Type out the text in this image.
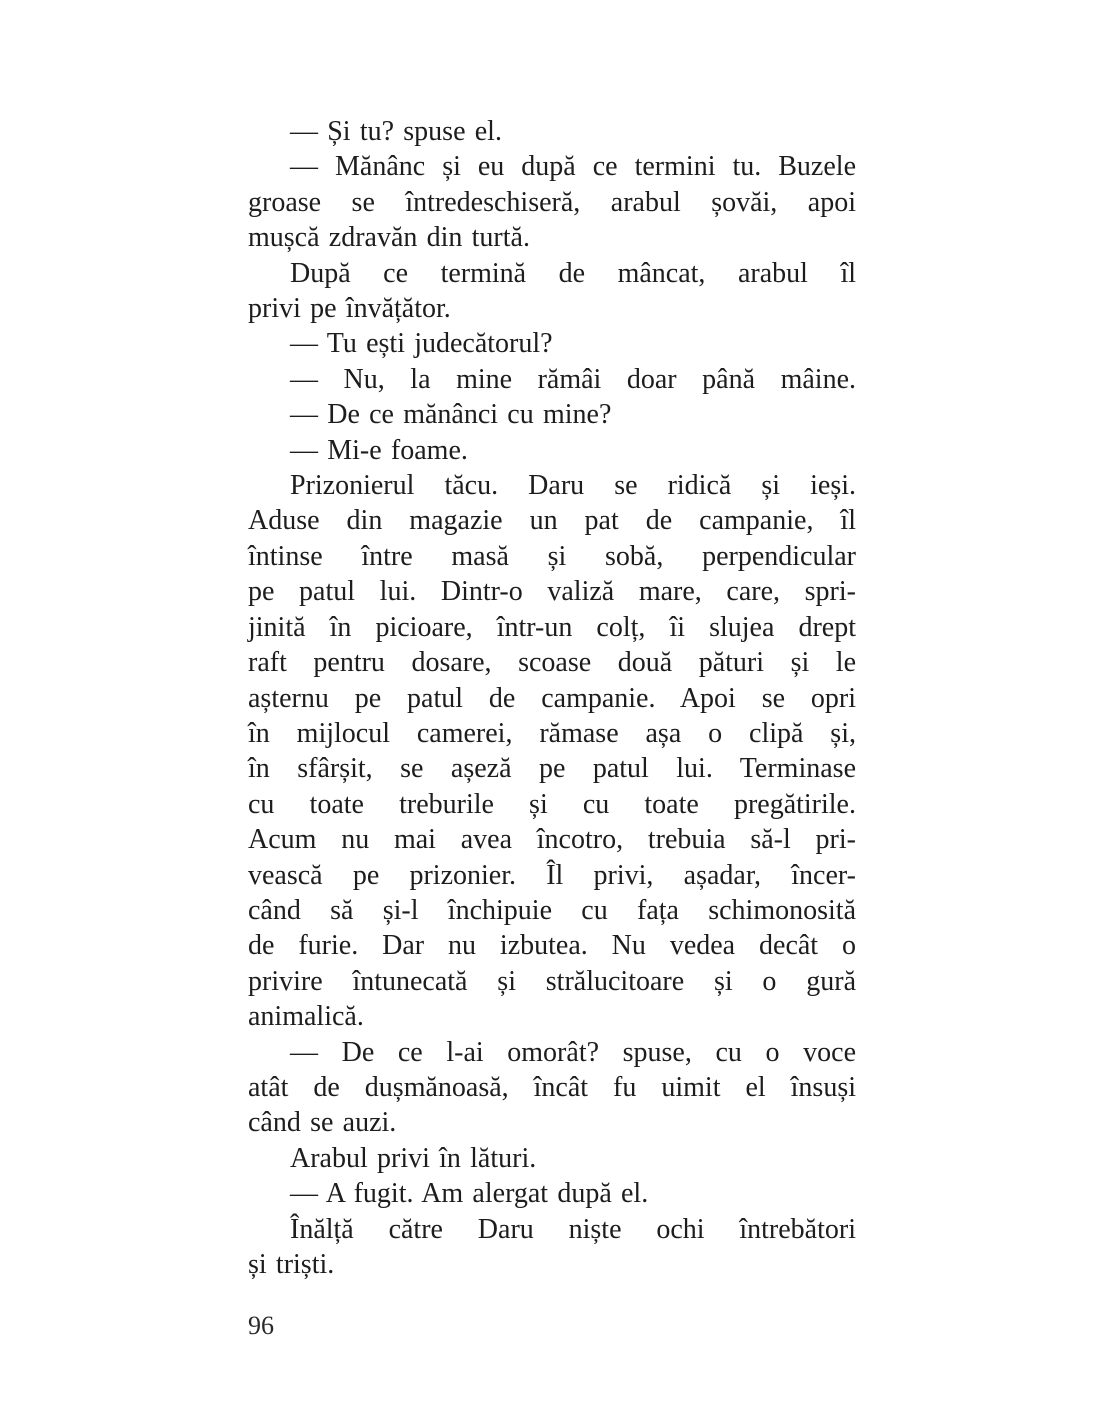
— Și tu? spuse el.
— Mănânc și eu după ce termini tu. Buzele
groase se întredeschiseră, arabul șovăi, apoi
mușcă zdravăn din turtă.
După ce termină de mâncat, arabul îl
privi pe învățător.
— Tu ești judecătorul?
— Nu, la mine rămâi doar până mâine.
— De ce mănânci cu mine?
— Mi-e foame.
Prizonierul tăcu. Daru se ridică și ieși.
Aduse din magazie un pat de campanie, îl
întinse între masă și sobă, perpendicular
pe patul lui. Dintr-o valiză mare, care, spri-
jinită în picioare, într-un colț, îi slujea drept
raft pentru dosare, scoase două pături și le
așternu pe patul de campanie. Apoi se opri
în mijlocul camerei, rămase așa o clipă și,
în sfârșit, se așeză pe patul lui. Terminase
cu toate treburile și cu toate pregătirile.
Acum nu mai avea încotro, trebuia să-l pri-
vească pe prizonier. Îl privi, așadar, încer-
când să și-l închipuie cu fața schimonosită
de furie. Dar nu izbutea. Nu vedea decât o
privire întunecată și strălucitoare și o gură
animalică.
— De ce l-ai omorât? spuse, cu o voce
atât de dușmănoasă, încât fu uimit el însuși
când se auzi.
Arabul privi în lături.
— A fugit. Am alergat după el.
Înălță către Daru niște ochi întrebători
și triști.
96
